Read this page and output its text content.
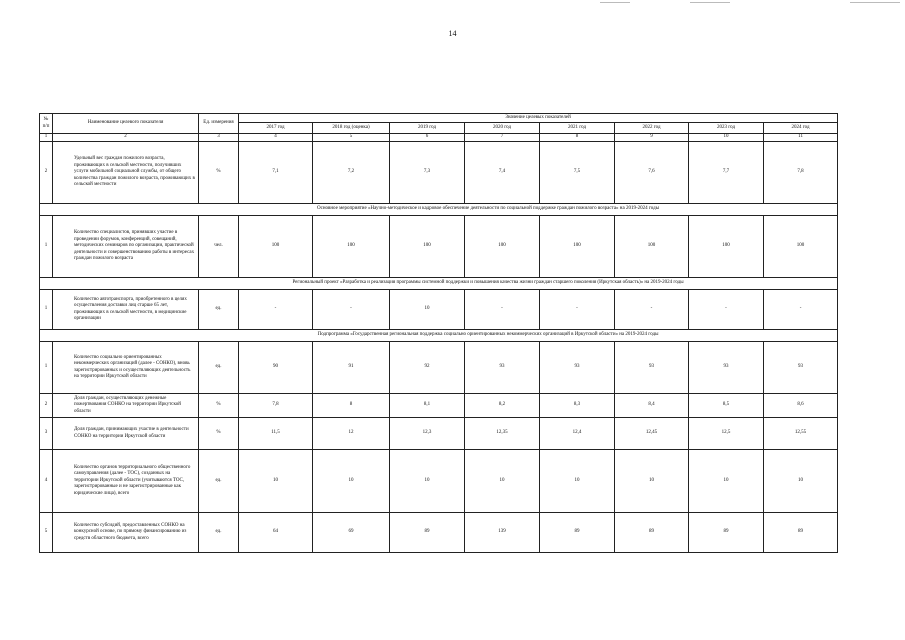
14
№ п/п	Наименование целевого показателя	Ед. измерения	Значение целевых показателей							
			2017 год	2018 год (оценка)	2019 год	2020 год	2021 год	2022 год	2023 год	2024 год
1	2	3	4	5	6	7	8	9	10	11
2	Удельный вес граждан пожилого возраста, проживающих в сельской местности, получивших услуги мобильной социальной службы, от общего количества граждан пожилого возраста, проживающих в сельской местности	%	7,1	7,2	7,3	7,4	7,5	7,6	7,7	7,8
Основное мероприятие «Научно-методическое и кадровое обеспечение деятельности по социальной поддержке граждан пожилого возраста» на 2019-2024 годы										
1	Количество специалистов, принявших участие в проведении форумов, конференций, совещаний, методических семинаров по организации, практической деятельности и совершенствованию работы в интересах граждан пожилого возраста	чел.	100	100	100	100	100	100	100	100
Региональный проект «Разработка и реализация программы системной поддержки и повышения качества жизни граждан старшего поколения (Иркутская область)» на 2019-2024 годы										
1	Количество автотранспорта, приобретенного в целях осуществления доставки лиц старше 65 лет, проживающих в сельской местности, в медицинские организации	ед.	-	-	10	-	-	-	-	-
Подпрограмма «Государственная региональная поддержка социально ориентированных некоммерческих организаций в Иркутской области» на 2019-2024 годы										
1	Количество социально ориентированных некоммерческих организаций (далее - СОНКО), вновь зарегистрированных и осуществляющих деятельность на территории Иркутской области	ед.	90	91	92	93	93	93	93	93
2	Доля граждан, осуществляющих денежные пожертвования СОНКО на территории Иркутской области	%	7,8	8	8,1	8,2	8,3	8,4	8,5	8,6
3	Доля граждан, принимающих участие в деятельности СОНКО на территории Иркутской области	%	11,5	12	12,3	12,35	12,4	12,45	12,5	12,55
4	Количество органов территориального общественного самоуправления (далее - ТОС), созданных на территории Иркутской области (учитываются ТОС, зарегистрированные и не зарегистрированные как юридические лица), всего	ед.	10	10	10	10	10	10	10	10
5	Количество субсидий, предоставленных СОНКО на конкурсной основе, по прямому финансированию из средств областного бюджета, всего	ед.	64	69	89	139	89	89	89	89
